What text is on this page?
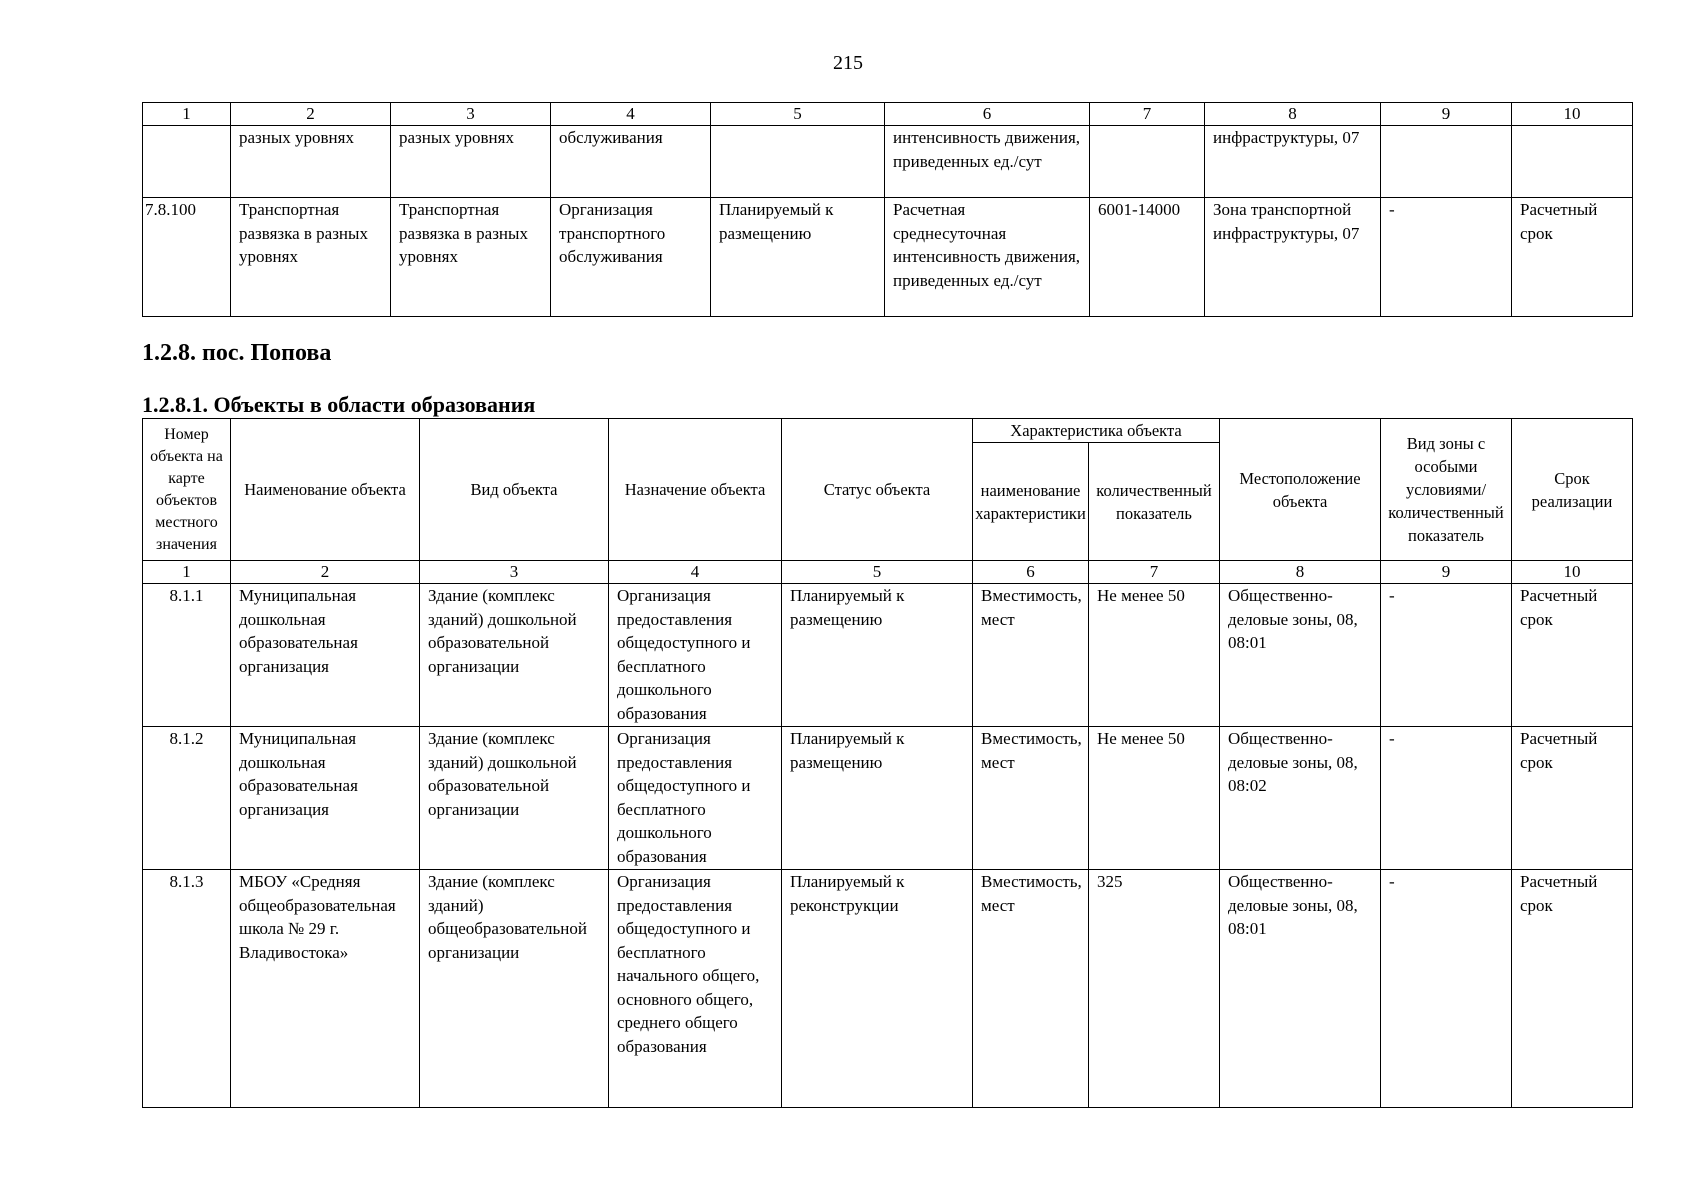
215
1	2	3	4	5	6	7	8	9	10
	разных уровнях	разных уровнях	обслуживания		интенсивность движения, приведенных ед./сут		инфраструктуры, 07		
7.8.100	Транспортная развязка в разных уровнях	Транспортная развязка в разных уровнях	Организация транспортного обслуживания	Планируемый к размещению	Расчетная среднесуточная интенсивность движения, приведенных ед./сут	6001-14000	Зона транспортной инфраструктуры, 07	-	Расчетный срок
1.2.8. пос. Попова
1.2.8.1. Объекты в области образования
Номер объекта на карте объектов местного значения	Наименование объекта	Вид объекта	Назначение объекта	Статус объекта	Характеристика объекта		Местоположение объекта	Вид зоны с особыми условиями/ количественный показатель	Срок реализации
					наименование характеристики	количественный показатель			
1	2	3	4	5	6	7	8	9	10
8.1.1	Муниципальная дошкольная образовательная организация	Здание (комплекс зданий) дошкольной образовательной организации	Организация предоставления общедоступного и бесплатного дошкольного образования	Планируемый к размещению	Вместимость, мест	Не менее 50	Общественно-деловые зоны, 08, 08:01	-	Расчетный срок
8.1.2	Муниципальная дошкольная образовательная организация	Здание (комплекс зданий) дошкольной образовательной организации	Организация предоставления общедоступного и бесплатного дошкольного образования	Планируемый к размещению	Вместимость, мест	Не менее 50	Общественно-деловые зоны, 08, 08:02	-	Расчетный срок
8.1.3	МБОУ «Средняя общеобразовательная школа № 29 г. Владивостока»	Здание (комплекс зданий) общеобразовательной организации	Организация предоставления общедоступного и бесплатного начального общего, основного общего, среднего общего образования	Планируемый к реконструкции	Вместимость, мест	325	Общественно-деловые зоны, 08, 08:01	-	Расчетный срок
